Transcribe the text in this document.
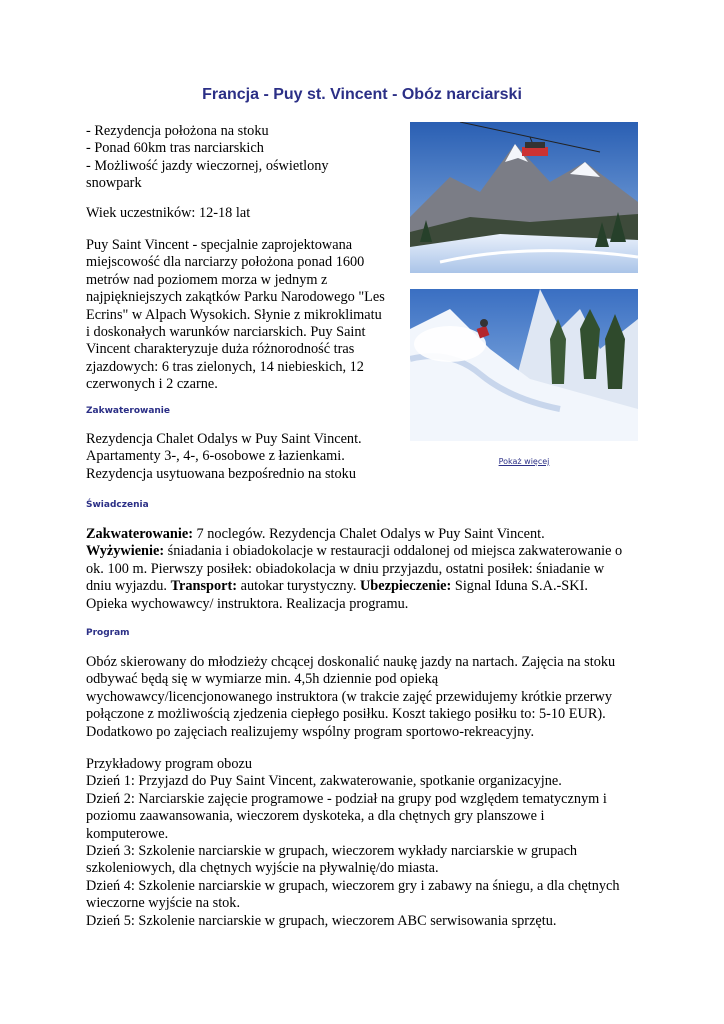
Francja - Puy st. Vincent - Obóz narciarski
- Rezydencja położona na stoku
- Ponad 60km tras narciarskich
- Możliwość jazdy wieczornej, oświetlony
snowpark
Wiek uczestników: 12-18 lat
Puy Saint Vincent - specjalnie zaprojektowana
miejscowość dla narciarzy położona ponad 1600
metrów nad poziomem morza w jednym z
najpiękniejszych zakątków Parku Narodowego "Les
Ecrins" w Alpach Wysokich. Słynie z mikroklimatu
i doskonałych warunków narciarskich. Puy Saint
Vincent charakteryzuje duża różnorodność tras
zjazdowych: 6 tras zielonych, 14 niebieskich, 12
czerwonych i 2 czarne.

Zakwaterowanie

Rezydencja Chalet Odalys w Puy Saint Vincent.
Apartamenty 3-, 4-, 6-osobowe z łazienkami.
Rezydencja usytuowana bezpośrednio na stoku
Pokaż więcej

Świadczenia

Zakwaterowanie: 7 noclegów. Rezydencja Chalet Odalys w Puy Saint Vincent.
Wyżywienie: śniadania i obiadokolacje w restauracji oddalonej od miejsca zakwaterowanie o
ok. 100 m. Pierwszy posiłek: obiadokolacja w dniu przyjazdu, ostatni posiłek: śniadanie w
dniu wyjazdu. Transport: autokar turystyczny. Ubezpieczenie: Signal Iduna S.A.-SKI.
Opieka wychowawcy/ instruktora. Realizacja programu.

Program

Obóz skierowany do młodzieży chcącej doskonalić naukę jazdy na nartach. Zajęcia na stoku
odbywać będą się w wymiarze min. 4,5h dziennie pod opieką
wychowawcy/licencjonowanego instruktora (w trakcie zajęć przewidujemy krótkie przerwy
połączone z możliwością zjedzenia ciepłego posiłku. Koszt takiego posiłku to: 5-10 EUR).
Dodatkowo po zajęciach realizujemy wspólny program sportowo-rekreacyjny.
Przykładowy program obozu
Dzień 1: Przyjazd do Puy Saint Vincent, zakwaterowanie, spotkanie organizacyjne.
Dzień 2: Narciarskie zajęcie programowe - podział na grupy pod względem tematycznym i
poziomu zaawansowania, wieczorem dyskoteka, a dla chętnych gry planszowe i
komputerowe.
Dzień 3: Szkolenie narciarskie w grupach, wieczorem wykłady narciarskie w grupach
szkoleniowych, dla chętnych wyjście na pływalnię/do miasta.
Dzień 4: Szkolenie narciarskie w grupach, wieczorem gry i zabawy na śniegu, a dla chętnych
wieczorne wyjście na stok.
Dzień 5: Szkolenie narciarskie w grupach, wieczorem ABC serwisowania sprzętu.
